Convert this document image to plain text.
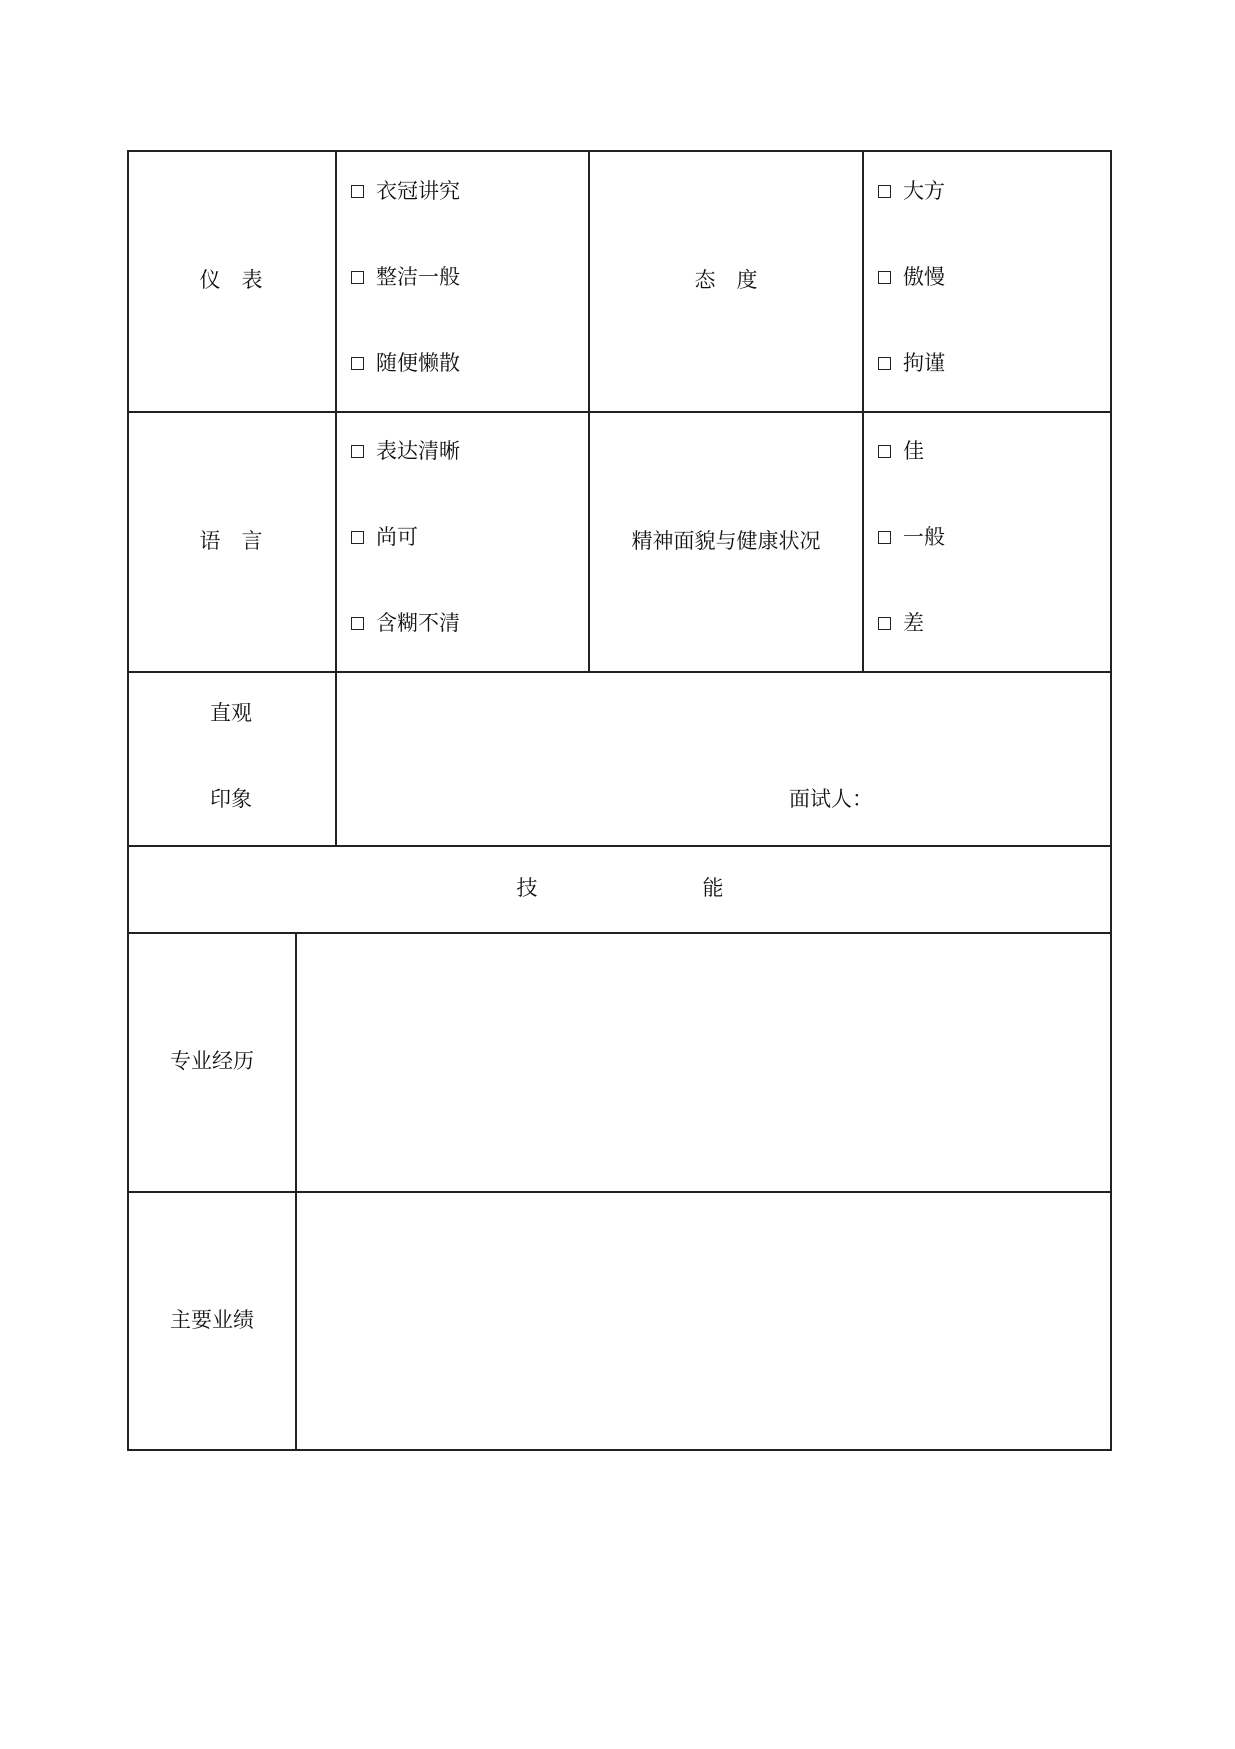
仪　表
衣冠讲究
整洁一般
随便懒散
态　度
大方
傲慢
拘谨
语　言
表达清晰
尚可
含糊不清
精神面貌与健康状况
佳
一般
差
直观
印象	面试人：
技	能
专业经历
主要业绩
